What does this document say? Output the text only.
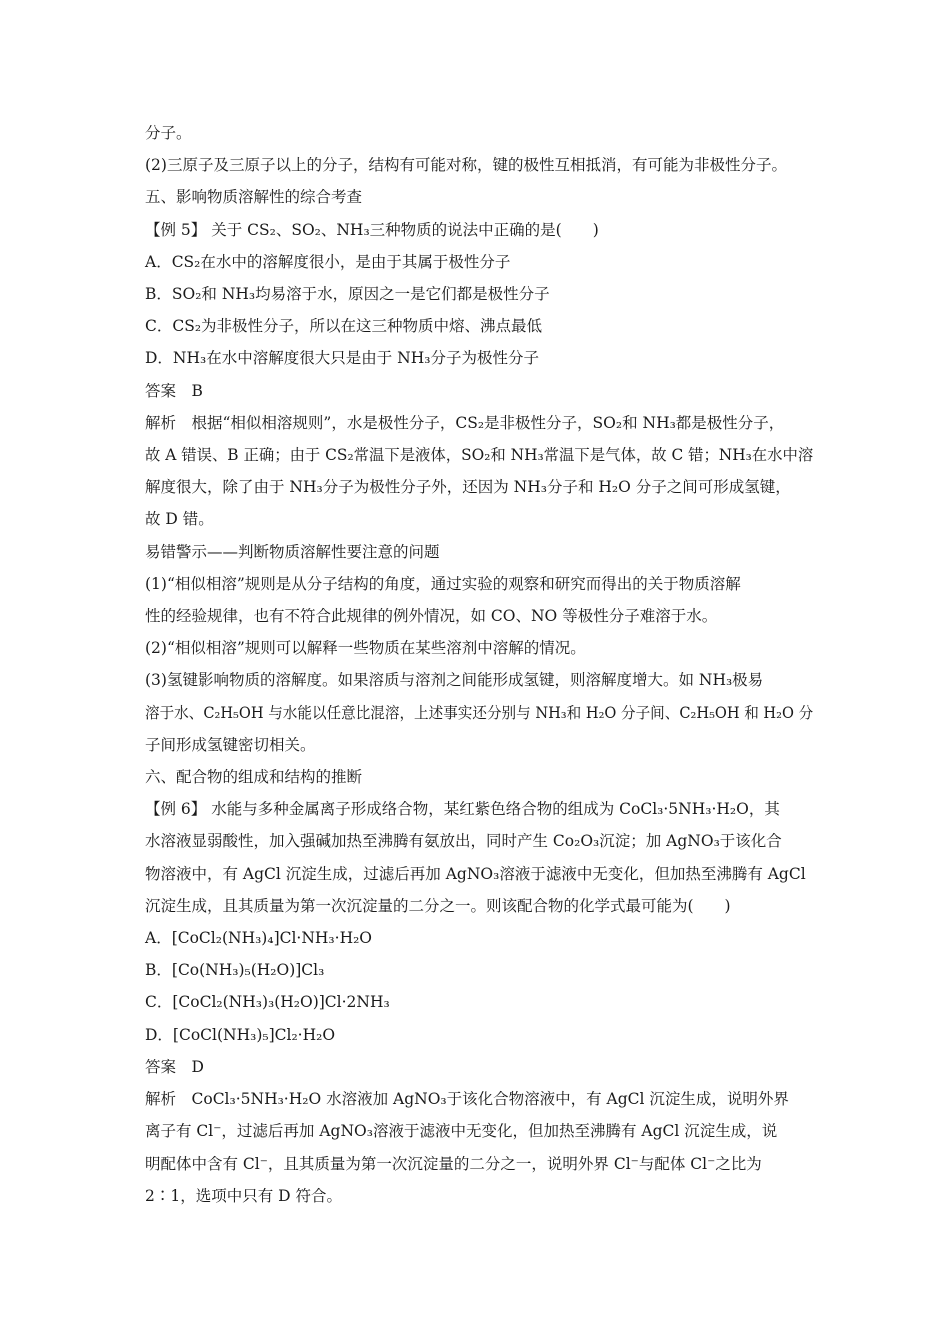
分子。
(2)三原子及三原子以上的分子，结构有可能对称，键的极性互相抵消，有可能为非极性分子。
五、影响物质溶解性的综合考查
【例 5】 关于 CS₂、SO₂、NH₃三种物质的说法中正确的是(　　)
A．CS₂在水中的溶解度很小，是由于其属于极性分子
B．SO₂和 NH₃均易溶于水，原因之一是它们都是极性分子
C．CS₂为非极性分子，所以在这三种物质中熔、沸点最低
D．NH₃在水中溶解度很大只是由于 NH₃分子为极性分子
答案　B
解析　根据“相似相溶规则”，水是极性分子，CS₂是非极性分子，SO₂和 NH₃都是极性分子，
故 A 错误、B 正确；由于 CS₂常温下是液体，SO₂和 NH₃常温下是气体，故 C 错；NH₃在水中溶
解度很大，除了由于 NH₃分子为极性分子外，还因为 NH₃分子和 H₂O 分子之间可形成氢键，
故 D 错。
易错警示——判断物质溶解性要注意的问题
(1)“相似相溶”规则是从分子结构的角度，通过实验的观察和研究而得出的关于物质溶解
性的经验规律，也有不符合此规律的例外情况，如 CO、NO 等极性分子难溶于水。
(2)“相似相溶”规则可以解释一些物质在某些溶剂中溶解的情况。
(3)氢键影响物质的溶解度。如果溶质与溶剂之间能形成氢键，则溶解度增大。如 NH₃极易
溶于水、C₂H₅OH 与水能以任意比混溶，上述事实还分别与 NH₃和 H₂O 分子间、C₂H₅OH 和 H₂O 分
子间形成氢键密切相关。
六、配合物的组成和结构的推断
【例 6】 水能与多种金属离子形成络合物，某红紫色络合物的组成为 CoCl₃·5NH₃·H₂O，其
水溶液显弱酸性，加入强碱加热至沸腾有氨放出，同时产生 Co₂O₃沉淀；加 AgNO₃于该化合
物溶液中，有 AgCl 沉淀生成，过滤后再加 AgNO₃溶液于滤液中无变化，但加热至沸腾有 AgCl
沉淀生成，且其质量为第一次沉淀量的二分之一。则该配合物的化学式最可能为(　　)
A．[CoCl₂(NH₃)₄]Cl·NH₃·H₂O
B．[Co(NH₃)₅(H₂O)]Cl₃
C．[CoCl₂(NH₃)₃(H₂O)]Cl·2NH₃
D．[CoCl(NH₃)₅]Cl₂·H₂O
答案　D
解析　CoCl₃·5NH₃·H₂O 水溶液加 AgNO₃于该化合物溶液中，有 AgCl 沉淀生成，说明外界
离子有 Cl⁻，过滤后再加 AgNO₃溶液于滤液中无变化，但加热至沸腾有 AgCl 沉淀生成，说
明配体中含有 Cl⁻，且其质量为第一次沉淀量的二分之一，说明外界 Cl⁻与配体 Cl⁻之比为
2∶1，选项中只有 D 符合。
